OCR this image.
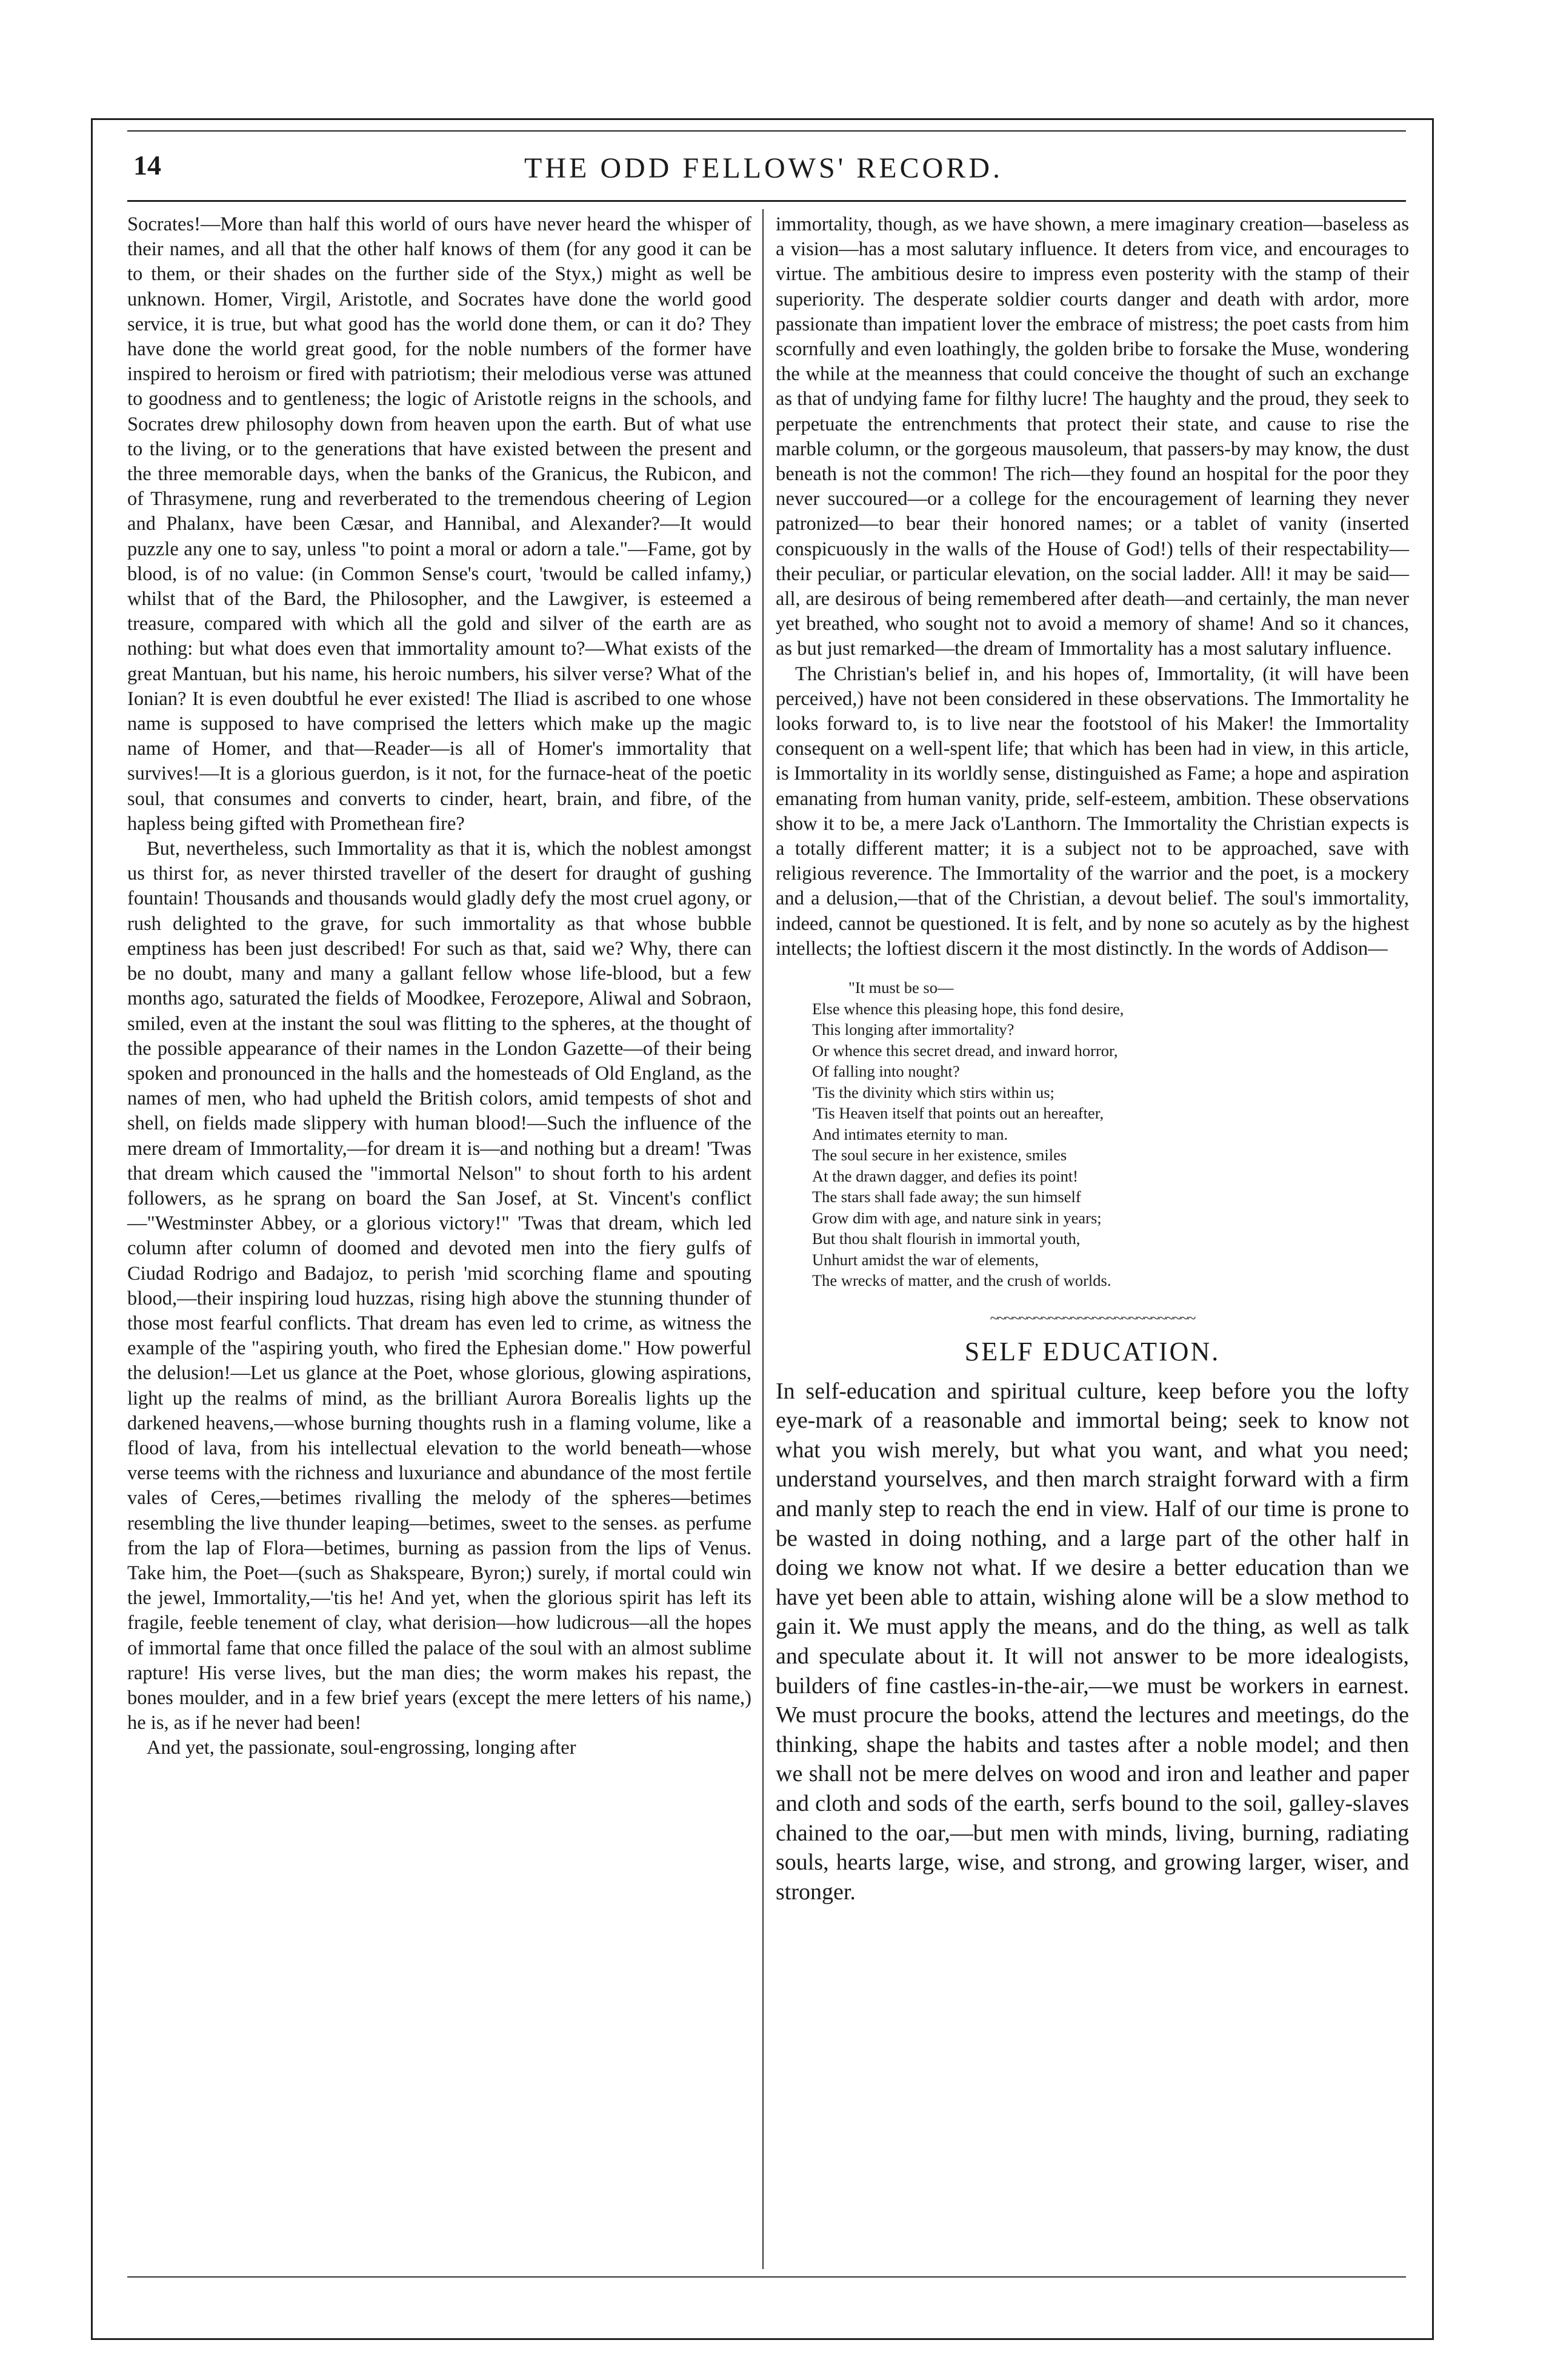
14	THE ODD FELLOWS' RECORD.

Socrates!—More than half this world of ours have never heard the whisper of their names, and all that the other half knows of them (for any good it can be to them, or their shades on the further side of the Styx,) might as well be unknown. Homer, Virgil, Aristotle, and Socrates have done the world good service, it is true, but what good has the world done them, or can it do? They have done the world great good, for the noble numbers of the former have inspired to heroism or fired with patriotism; their melodious verse was attuned to goodness and to gentleness; the logic of Aristotle reigns in the schools, and Socrates drew philosophy down from heaven upon the earth. But of what use to the living, or to the generations that have existed between the present and the three memorable days, when the banks of the Granicus, the Rubicon, and of Thrasymene, rung and reverberated to the tremendous cheering of Legion and Phalanx, have been Cæsar, and Hannibal, and Alexander?—It would puzzle any one to say, unless "to point a moral or adorn a tale."—Fame, got by blood, is of no value: (in Common Sense's court, 'twould be called infamy,) whilst that of the Bard, the Philosopher, and the Lawgiver, is esteemed a treasure, compared with which all the gold and silver of the earth are as nothing: but what does even that immortality amount to?—What exists of the great Mantuan, but his name, his heroic numbers, his silver verse? What of the Ionian? It is even doubtful he ever existed! The Iliad is ascribed to one whose name is supposed to have comprised the letters which make up the magic name of Homer, and that—Reader—is all of Homer's immortality that survives!—It is a glorious guerdon, is it not, for the furnace-heat of the poetic soul, that consumes and converts to cinder, heart, brain, and fibre, of the hapless being gifted with Promethean fire?

But, nevertheless, such Immortality as that it is, which the noblest amongst us thirst for, as never thirsted traveller of the desert for draught of gushing fountain! Thousands and thousands would gladly defy the most cruel agony, or rush delighted to the grave, for such immortality as that whose bubble emptiness has been just described! For such as that, said we? Why, there can be no doubt, many and many a gallant fellow whose life-blood, but a few months ago, saturated the fields of Moodkee, Ferozepore, Aliwal and Sobraon, smiled, even at the instant the soul was flitting to the spheres, at the thought of the possible appearance of their names in the London Gazette—of their being spoken and pronounced in the halls and the homesteads of Old England, as the names of men, who had upheld the British colors, amid tempests of shot and shell, on fields made slippery with human blood!—Such the influence of the mere dream of Immortality,—for dream it is—and nothing but a dream! 'Twas that dream which caused the "immortal Nelson" to shout forth to his ardent followers, as he sprang on board the San Josef, at St. Vincent's conflict—"Westminster Abbey, or a glorious victory!" 'Twas that dream, which led column after column of doomed and devoted men into the fiery gulfs of Ciudad Rodrigo and Badajoz, to perish 'mid scorching flame and spouting blood,—their inspiring loud huzzas, rising high above the stunning thunder of those most fearful conflicts. That dream has even led to crime, as witness the example of the "aspiring youth, who fired the Ephesian dome." How powerful the delusion!—Let us glance at the Poet, whose glorious, glowing aspirations, light up the realms of mind, as the brilliant Aurora Borealis lights up the darkened heavens,—whose burning thoughts rush in a flaming volume, like a flood of lava, from his intellectual elevation to the world beneath—whose verse teems with the richness and luxuriance and abundance of the most fertile vales of Ceres,—betimes rivalling the melody of the spheres—betimes resembling the live thunder leaping—betimes, sweet to the senses. as perfume from the lap of Flora—betimes, burning as passion from the lips of Venus. Take him, the Poet—(such as Shakspeare, Byron;) surely, if mortal could win the jewel, Immortality,—'tis he! And yet, when the glorious spirit has left its fragile, feeble tenement of clay, what derision—how ludicrous—all the hopes of immortal fame that once filled the palace of the soul with an almost sublime rapture! His verse lives, but the man dies; the worm makes his repast, the bones moulder, and in a few brief years (except the mere letters of his name,) he is, as if he never had been!

And yet, the passionate, soul-engrossing, longing after

immortality, though, as we have shown, a mere imaginary creation—baseless as a vision—has a most salutary influence. It deters from vice, and encourages to virtue. The ambitious desire to impress even posterity with the stamp of their superiority. The desperate soldier courts danger and death with ardor, more passionate than impatient lover the embrace of mistress; the poet casts from him scornfully and even loathingly, the golden bribe to forsake the Muse, wondering the while at the meanness that could conceive the thought of such an exchange as that of undying fame for filthy lucre! The haughty and the proud, they seek to perpetuate the entrenchments that protect their state, and cause to rise the marble column, or the gorgeous mausoleum, that passers-by may know, the dust beneath is not the common! The rich—they found an hospital for the poor they never succoured—or a college for the encouragement of learning they never patronized—to bear their honored names; or a tablet of vanity (inserted conspicuously in the walls of the House of God!) tells of their respectability—their peculiar, or particular elevation, on the social ladder. All! it may be said—all, are desirous of being remembered after death—and certainly, the man never yet breathed, who sought not to avoid a memory of shame! And so it chances, as but just remarked—the dream of Immortality has a most salutary influence.

The Christian's belief in, and his hopes of, Immortality, (it will have been perceived,) have not been considered in these observations. The Immortality he looks forward to, is to live near the footstool of his Maker! the Immortality consequent on a well-spent life; that which has been had in view, in this article, is Immortality in its worldly sense, distinguished as Fame; a hope and aspiration emanating from human vanity, pride, self-esteem, ambition. These observations show it to be, a mere Jack o'Lanthorn. The Immortality the Christian expects is a totally different matter; it is a subject not to be approached, save with religious reverence. The Immortality of the warrior and the poet, is a mockery and a delusion,—that of the Christian, a devout belief. The soul's immortality, indeed, cannot be questioned. It is felt, and by none so acutely as by the highest intellects; the loftiest discern it the most distinctly. In the words of Addison—

"It must be so—
Else whence this pleasing hope, this fond desire,
This longing after immortality?
Or whence this secret dread, and inward horror,
Of falling into nought?
'Tis the divinity which stirs within us;
'Tis Heaven itself that points out an hereafter,
And intimates eternity to man.
The soul secure in her existence, smiles
At the drawn dagger, and defies its point!
The stars shall fade away; the sun himself
Grow dim with age, and nature sink in years;
But thou shalt flourish in immortal youth,
Unhurt amidst the war of elements,
The wrecks of matter, and the crush of worlds.
~~~~~~~~~~~~~~~~~~~~~~~~~~~~
SELF EDUCATION.

In self-education and spiritual culture, keep before you the lofty eye-mark of a reasonable and immortal being; seek to know not what you wish merely, but what you want, and what you need; understand yourselves, and then march straight forward with a firm and manly step to reach the end in view. Half of our time is prone to be wasted in doing nothing, and a large part of the other half in doing we know not what. If we desire a better education than we have yet been able to attain, wishing alone will be a slow method to gain it. We must apply the means, and do the thing, as well as talk and speculate about it. It will not answer to be more idealogists, builders of fine castles-in-the-air,—we must be workers in earnest. We must procure the books, attend the lectures and meetings, do the thinking, shape the habits and tastes after a noble model; and then we shall not be mere delves on wood and iron and leather and paper and cloth and sods of the earth, serfs bound to the soil, galley-slaves chained to the oar,—but men with minds, living, burning, radiating souls, hearts large, wise, and strong, and growing larger, wiser, and stronger.
